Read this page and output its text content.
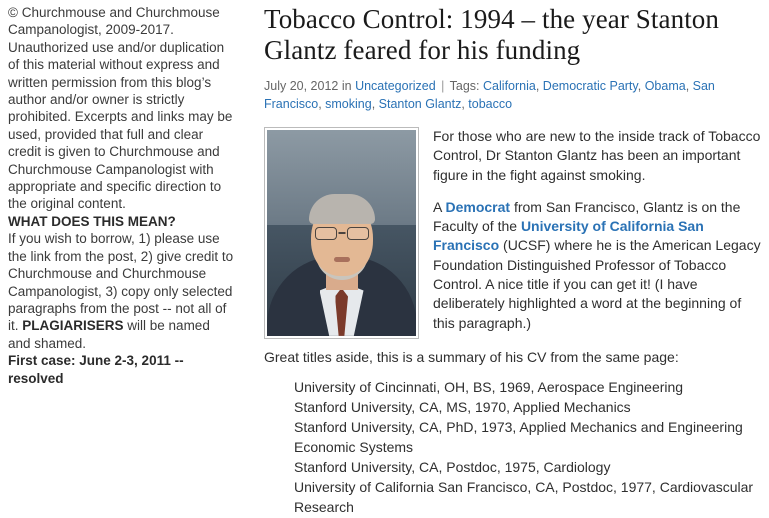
© Churchmouse and Churchmouse Campanologist, 2009-2017. Unauthorized use and/or duplication of this material without express and written permission from this blog’s author and/or owner is strictly prohibited. Excerpts and links may be used, provided that full and clear credit is given to Churchmouse and Churchmouse Campanologist with appropriate and specific direction to the original content.

WHAT DOES THIS MEAN?
If you wish to borrow, 1) please use the link from the post, 2) give credit to Churchmouse and Churchmouse Campanologist, 3) copy only selected paragraphs from the post -- not all of it. PLAGIARISERS will be named and shamed.

First case: June 2-3, 2011 -- resolved

Tobacco Control: 1994 – the year Stanton Glantz feared for his funding
July 20, 2012 in Uncategorized | Tags: California, Democratic Party, Obama, San Francisco, smoking, Stanton Glantz, tobacco

For those who are new to the inside track of Tobacco Control, Dr Stanton Glantz has been an important figure in the fight against smoking.

A Democrat from San Francisco, Glantz is on the Faculty of the University of California San Francisco (UCSF) where he is the American Legacy Foundation Distinguished Professor of Tobacco Control. A nice title if you can get it! (I have deliberately highlighted a word at the beginning of this paragraph.)

Great titles aside, this is a summary of his CV from the same page:

University of Cincinnati, OH, BS, 1969, Aerospace Engineering
Stanford University, CA, MS, 1970, Applied Mechanics
Stanford University, CA, PhD, 1973, Applied Mechanics and Engineering Economic Systems
Stanford University, CA, Postdoc, 1975, Cardiology
University of California San Francisco, CA, Postdoc, 1977, Cardiovascular Research
